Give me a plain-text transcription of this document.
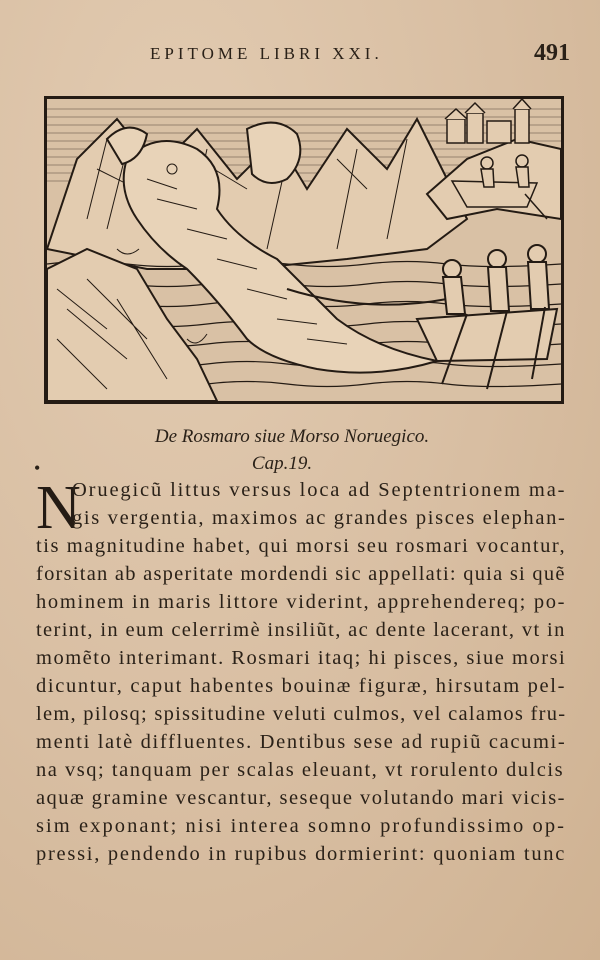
EPITOME LIBRI XXI.	491
De Rosmaro siue Morso Noruegico.
Cap.19.
•
N
Oruegicũ littus versus loca ad Septentrionem ma-
gis vergentia, maximos ac grandes pisces elephan-
tis magnitudine habet, qui morsi seu rosmari vocantur,
forsitan ab asperitate mordendi sic appellati: quia si quẽ
hominem in maris littore viderint, apprehendereq; po-
terint, in eum celerrimè insiliũt, ac dente lacerant, vt in
momẽto interimant. Rosmari itaq; hi pisces, siue morsi
dicuntur, caput habentes bouinæ figuræ, hirsutam pel-
lem, pilosq; spissitudine veluti culmos, vel calamos fru-
menti latè diffluentes. Dentibus sese ad rupiũ cacumi-
na vsq; tanquam per scalas eleuant, vt rorulento dulcis
aquæ gramine vescantur, seseque volutando mari vicis-
sim exponant; nisi interea somno profundissimo op-
pressi, pendendo in rupibus dormierint: quoniam tunc
